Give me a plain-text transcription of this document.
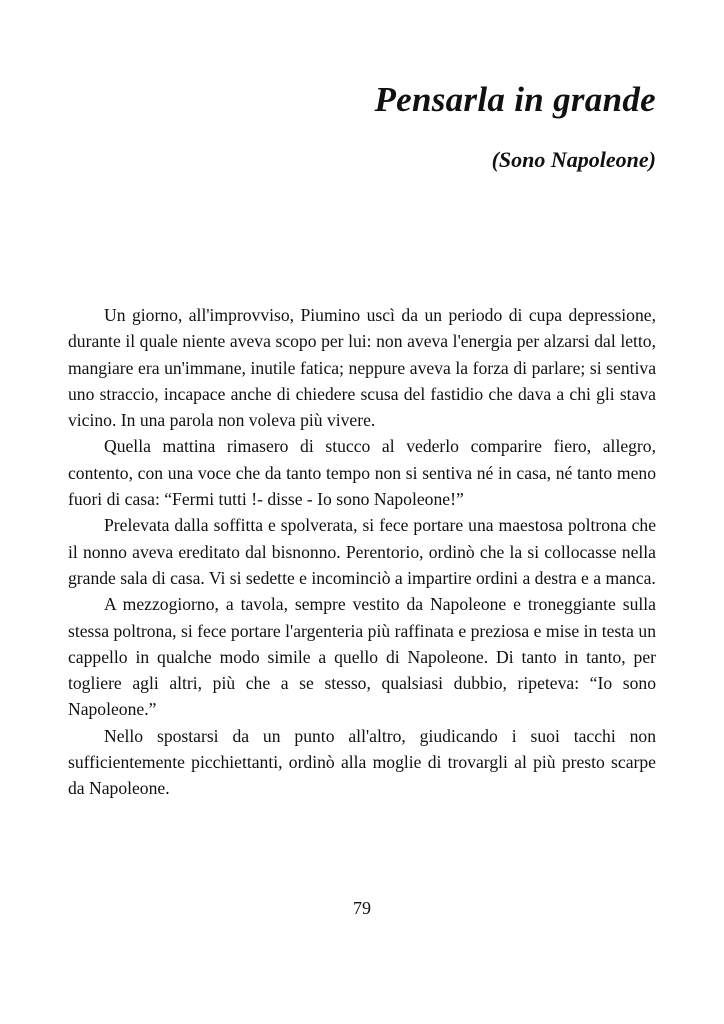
Pensarla in grande
(Sono Napoleone)

Un giorno, all'improvviso, Piumino uscì da un periodo di cupa depressione, durante il quale niente aveva scopo per lui: non aveva l'energia per alzarsi dal letto, mangiare era un'immane, inutile fatica; neppure aveva la forza di parlare; si sentiva uno straccio, incapace anche di chiedere scusa del fastidio che dava a chi gli stava vicino. In una parola non voleva più vivere.

Quella mattina rimasero di stucco al vederlo comparire fiero, allegro, contento, con una voce che da tanto tempo non si sentiva né in casa, né tanto meno fuori di casa: “Fermi tutti !- disse - Io sono Napoleone!”

Prelevata dalla soffitta e spolverata, si fece portare una maestosa poltrona che il nonno aveva ereditato dal bisnonno. Perentorio, ordinò che la si collocasse nella grande sala di casa. Vi si sedette e incominciò a impartire ordini a destra e a manca.

A mezzogiorno, a tavola, sempre vestito da Napoleone e troneggiante sulla stessa poltrona, si fece portare l'argenteria più raffinata e preziosa e mise in testa un cappello in qualche modo simile a quello di Napoleone. Di tanto in tanto, per togliere agli altri, più che a se stesso, qualsiasi dubbio, ripeteva: “Io sono Napoleone.”

Nello spostarsi da un punto all'altro, giudicando i suoi tacchi non sufficientemente picchiettanti, ordinò alla moglie di trovargli al più presto scarpe da Napoleone.

79
